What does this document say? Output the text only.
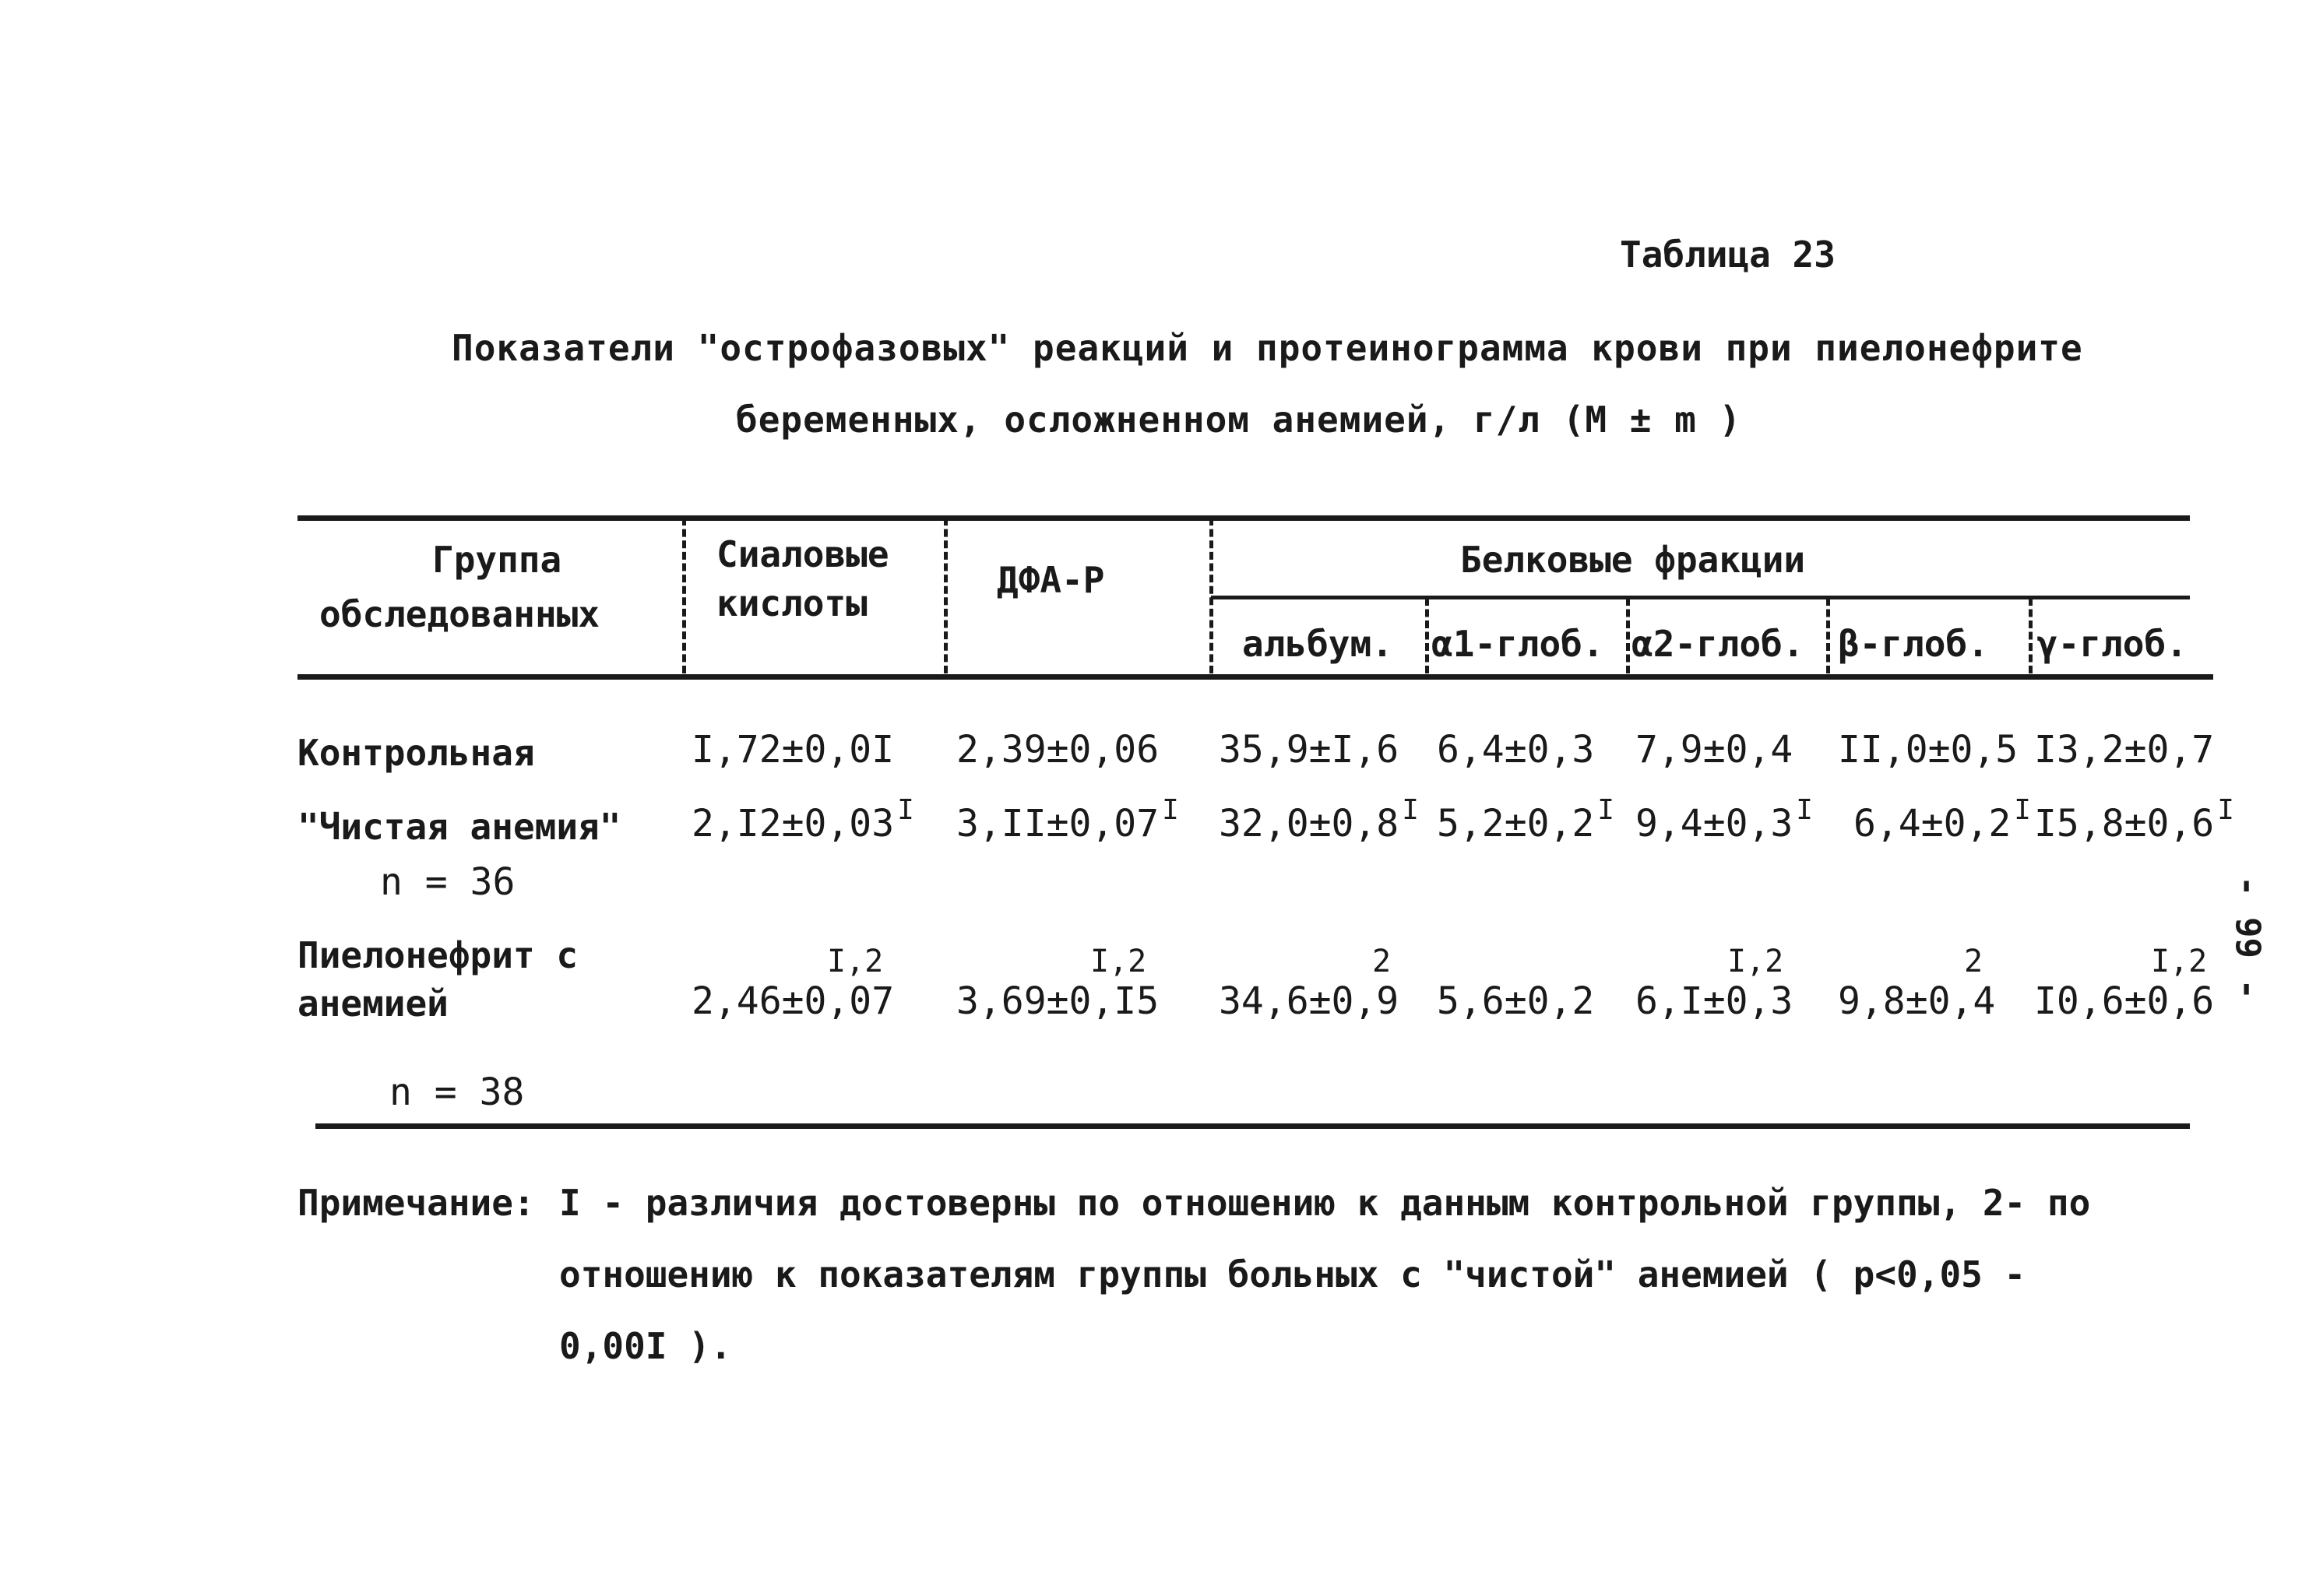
Таблица 23
Показатели "острофазовых" реакций и протеинограмма крови при пиелонефрите
беременных, осложненном анемией, г/л (М ± m )
Группа
обследованных
Сиаловые
кислоты
ДФА-Р	Белковые фракции
альбум. α1-глоб. α2-глоб. β-глоб. γ-глоб.
Контрольная	I,72±0,0I 2,39±0,06 35,9±I,6 6,4±0,3 7,9±0,4 II,0±0,5 I3,2±0,7
"Чистая анемия"
n = 36
2,I2±0,03 $^I$ 3,II±0,07 $^I$ 32,0±0,8 $^I$ 5,2±0,2 $^I$ 9,4±0,3 $^I$ 6,4±0,2 $^I$ I5,8±0,6 $^I$
Пиелонефрит с
анемией
n = 38
I,2
2,46±0,07
I,2
3,69±0,I5
2
34,6±0,9 5,6±0,2
I,2
6,I±0,3
2
9,8±0,4
I,2
I0,6±0,6
- 99 -
Примечание: I - различия достоверны по отношению к данным контрольной группы, 2- по
отношению к показателям группы больных с "чистой" анемией ( p<0,05 -
0,00I ).
